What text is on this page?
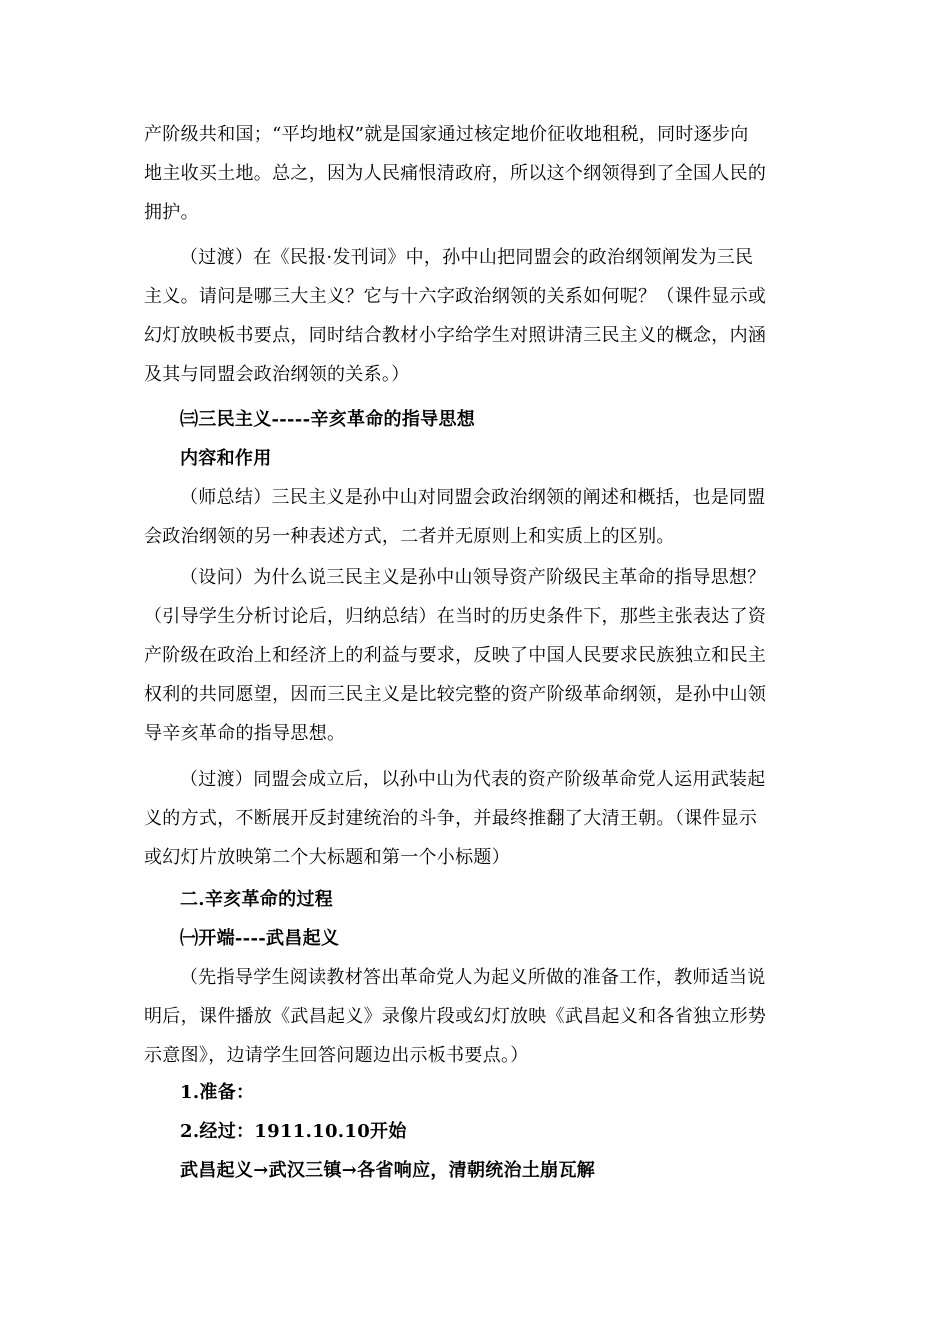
产阶级共和国；“平均地权”就是国家通过核定地价征收地租税，同时逐步向
地主收买土地。总之，因为人民痛恨清政府，所以这个纲领得到了全国人民的
拥护。
（过渡）在《民报·发刊词》中，孙中山把同盟会的政治纲领阐发为三民
主义。请问是哪三大主义？它与十六字政治纲领的关系如何呢？（课件显示或
幻灯放映板书要点，同时结合教材小字给学生对照讲清三民主义的概念，内涵
及其与同盟会政治纲领的关系。）
㈢三民主义-----辛亥革命的指导思想
内容和作用
（师总结）三民主义是孙中山对同盟会政治纲领的阐述和概括，也是同盟
会政治纲领的另一种表述方式，二者并无原则上和实质上的区别。
（设问）为什么说三民主义是孙中山领导资产阶级民主革命的指导思想？
（引导学生分析讨论后，归纳总结）在当时的历史条件下，那些主张表达了资
产阶级在政治上和经济上的利益与要求，反映了中国人民要求民族独立和民主
权利的共同愿望，因而三民主义是比较完整的资产阶级革命纲领，是孙中山领
导辛亥革命的指导思想。
（过渡）同盟会成立后，以孙中山为代表的资产阶级革命党人运用武装起
义的方式，不断展开反封建统治的斗争，并最终推翻了大清王朝。（课件显示
或幻灯片放映第二个大标题和第一个小标题）
二.辛亥革命的过程
㈠开端----武昌起义
（先指导学生阅读教材答出革命党人为起义所做的准备工作，教师适当说
明后，课件播放《武昌起义》录像片段或幻灯放映《武昌起义和各省独立形势
示意图》，边请学生回答问题边出示板书要点。）
1.准备：
2.经过：1911.10.10开始
武昌起义→武汉三镇→各省响应，清朝统治土崩瓦解
